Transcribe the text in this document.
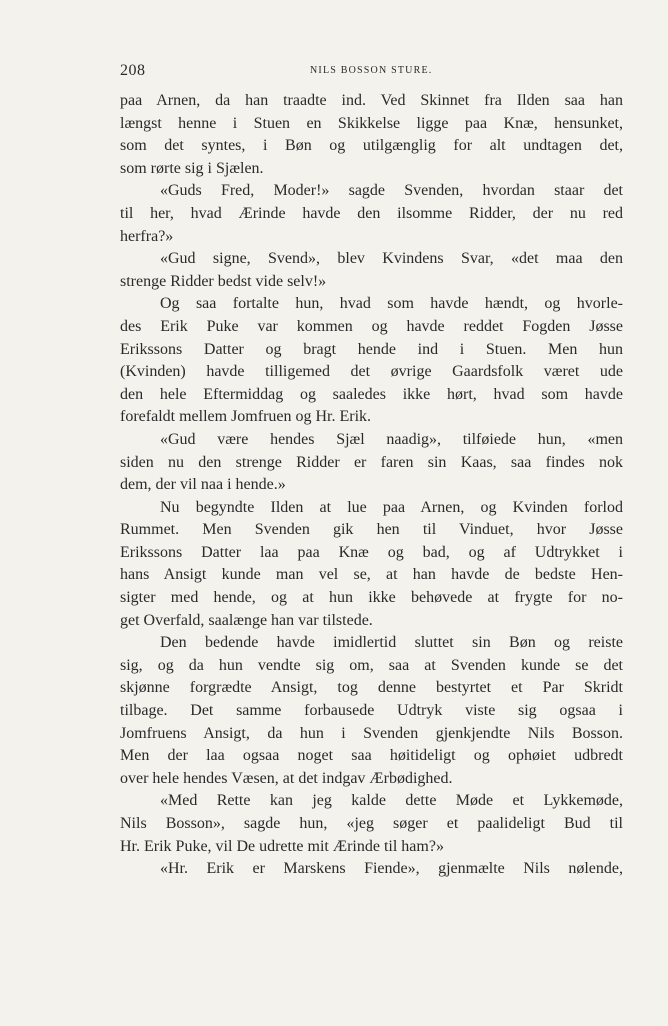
208	NILS BOSSON STURE.
paa Arnen, da han traadte ind. Ved Skinnet fra Ilden saa han
længst henne i Stuen en Skikkelse ligge paa Knæ, hensunket,
som det syntes, i Bøn og utilgænglig for alt undtagen det,
som rørte sig i Sjælen.
«Guds Fred, Moder!» sagde Svenden, hvordan staar det
til her, hvad Ærinde havde den ilsomme Ridder, der nu red
herfra?»
«Gud signe, Svend», blev Kvindens Svar, «det maa den
strenge Ridder bedst vide selv!»
Og saa fortalte hun, hvad som havde hændt, og hvorle-
des Erik Puke var kommen og havde reddet Fogden Jøsse
Erikssons Datter og bragt hende ind i Stuen. Men hun
(Kvinden) havde tilligemed det øvrige Gaardsfolk været ude
den hele Eftermiddag og saaledes ikke hørt, hvad som havde
forefaldt mellem Jomfruen og Hr. Erik.
«Gud være hendes Sjæl naadig», tilføiede hun, «men
siden nu den strenge Ridder er faren sin Kaas, saa findes nok
dem, der vil naa i hende.»
Nu begyndte Ilden at lue paa Arnen, og Kvinden forlod
Rummet. Men Svenden gik hen til Vinduet, hvor Jøsse
Erikssons Datter laa paa Knæ og bad, og af Udtrykket i
hans Ansigt kunde man vel se, at han havde de bedste Hen-
sigter med hende, og at hun ikke behøvede at frygte for no-
get Overfald, saalænge han var tilstede.
Den bedende havde imidlertid sluttet sin Bøn og reiste
sig, og da hun vendte sig om, saa at Svenden kunde se det
skjønne forgrædte Ansigt, tog denne bestyrtet et Par Skridt
tilbage. Det samme forbausede Udtryk viste sig ogsaa i
Jomfruens Ansigt, da hun i Svenden gjenkjendte Nils Bosson.
Men der laa ogsaa noget saa høitideligt og ophøiet udbredt
over hele hendes Væsen, at det indgav Ærbødighed.
«Med Rette kan jeg kalde dette Møde et Lykkemøde,
Nils Bosson», sagde hun, «jeg søger et paalideligt Bud til
Hr. Erik Puke, vil De udrette mit Ærinde til ham?»
«Hr. Erik er Marskens Fiende», gjenmælte Nils nølende,
